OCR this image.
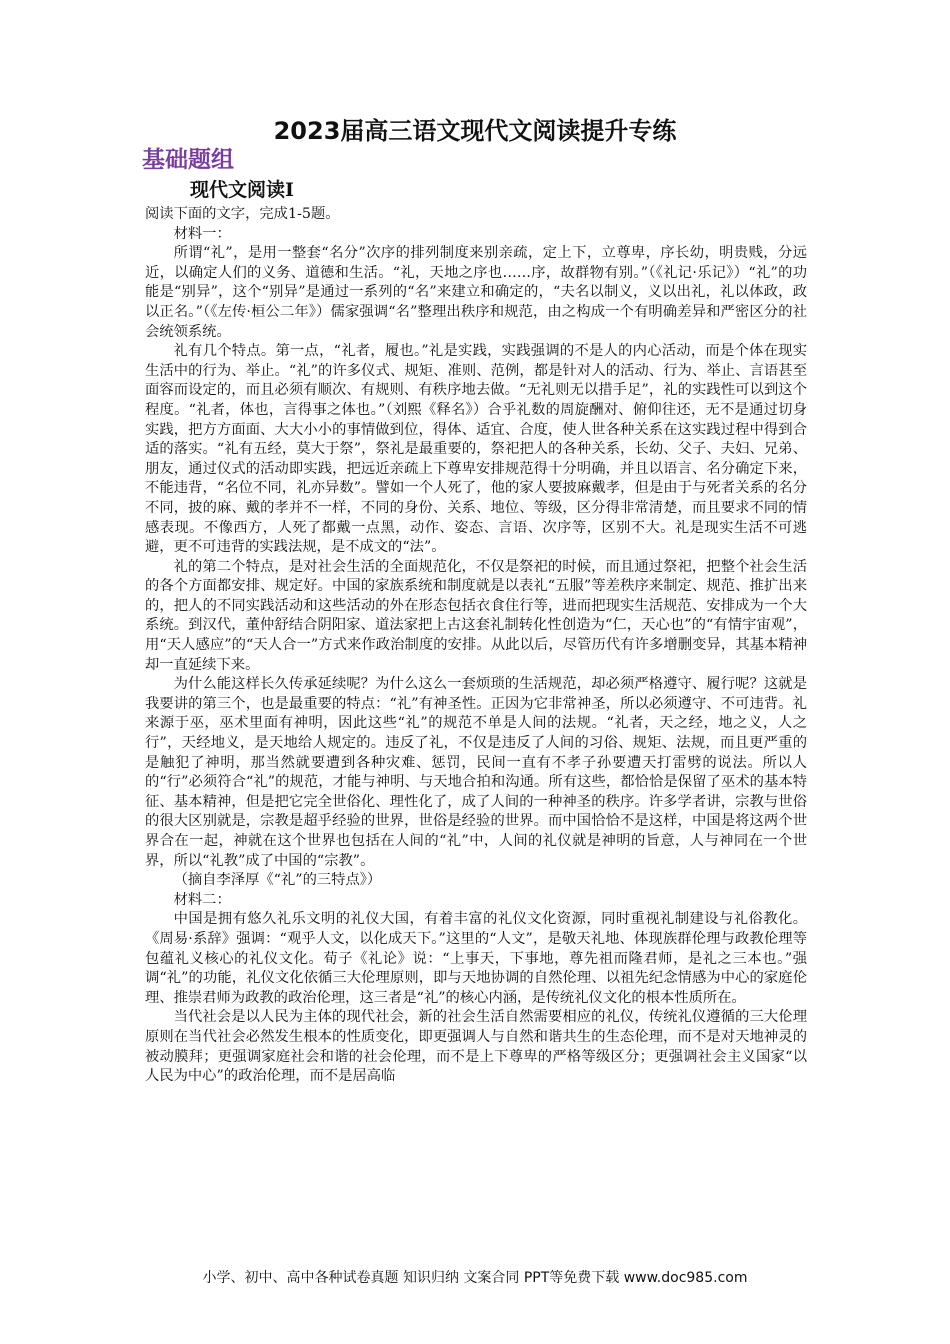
2023届高三语文现代文阅读提升专练
基础题组
现代文阅读Ⅰ

阅读下面的文字，完成1-5题。

材料一：

所谓“礼”，是用一整套“名分”次序的排列制度来别亲疏，定上下，立尊卑，序长幼，明贵贱，分远近，以确定人们的义务、道德和生活。“礼，天地之序也……序，故群物有别。”（《礼记·乐记》）“礼”的功能是“别异”，这个“别异”是通过一系列的“名”来建立和确定的，“夫名以制义，义以出礼，礼以体政，政以正名。”（《左传·桓公二年》）儒家强调“名”整理出秩序和规范，由之构成一个有明确差异和严密区分的社会统领系统。

礼有几个特点。第一点，“礼者，履也。”礼是实践，实践强调的不是人的内心活动，而是个体在现实生活中的行为、举止。“礼”的许多仪式、规矩、准则、范例，都是针对人的活动、行为、举止、言语甚至面容而设定的，而且必须有顺次、有规则、有秩序地去做。“无礼则无以措手足”，礼的实践性可以到这个程度。“礼者，体也，言得事之体也。”（刘熙《释名》）合乎礼数的周旋酬对、俯仰往还，无不是通过切身实践，把方方面面、大大小小的事情做到位，得体、适宜、合度，使人世各种关系在这实践过程中得到合适的落实。“礼有五经，莫大于祭”，祭礼是最重要的，祭祀把人的各种关系，长幼、父子、夫妇、兄弟、朋友，通过仪式的活动即实践，把远近亲疏上下尊卑安排规范得十分明确，并且以语言、名分确定下来，不能违背，“名位不同，礼亦异数”。譬如一个人死了，他的家人要披麻戴孝，但是由于与死者关系的名分不同，披的麻、戴的孝并不一样，不同的身份、关系、地位、等级，区分得非常清楚，而且要求不同的情感表现。不像西方，人死了都戴一点黑，动作、姿态、言语、次序等，区别不大。礼是现实生活不可逃避，更不可违背的实践法规，是不成文的“法”。

礼的第二个特点，是对社会生活的全面规范化，不仅是祭祀的时候，而且通过祭祀，把整个社会生活的各个方面都安排、规定好。中国的家族系统和制度就是以表礼“五服”等差秩序来制定、规范、推扩出来的，把人的不同实践活动和这些活动的外在形态包括衣食住行等，进而把现实生活规范、安排成为一个大系统。到汉代，董仲舒结合阴阳家、道法家把上古这套礼制转化性创造为“仁，天心也”的“有情宇宙观”，用“天人感应”的“天人合一”方式来作政治制度的安排。从此以后，尽管历代有许多增删变异，其基本精神却一直延续下来。

为什么能这样长久传承延续呢？为什么这么一套烦琐的生活规范，却必须严格遵守、履行呢？这就是我要讲的第三个，也是最重要的特点：“礼”有神圣性。正因为它非常神圣，所以必须遵守、不可违背。礼来源于巫，巫术里面有神明，因此这些“礼”的规范不单是人间的法规。“礼者，天之经，地之义，人之行”，天经地义，是天地给人规定的。违反了礼，不仅是违反了人间的习俗、规矩、法规，而且更严重的是触犯了神明，那当然就要遭到各种灾难、惩罚，民间一直有不孝子孙要遭天打雷劈的说法。所以人的“行”必须符合“礼”的规范，才能与神明、与天地合拍和沟通。所有这些，都恰恰是保留了巫术的基本特征、基本精神，但是把它完全世俗化、理性化了，成了人间的一种神圣的秩序。许多学者讲，宗教与世俗的很大区别就是，宗教是超乎经验的世界，世俗是经验的世界。而中国恰恰不是这样，中国是将这两个世界合在一起，神就在这个世界也包括在人间的“礼”中，人间的礼仪就是神明的旨意，人与神同在一个世界，所以“礼教”成了中国的“宗教”。

（摘自李泽厚《“礼”的三特点》）

材料二：

中国是拥有悠久礼乐文明的礼仪大国，有着丰富的礼仪文化资源，同时重视礼制建设与礼俗教化。《周易·系辞》强调：“观乎人文，以化成天下。”这里的“人文”，是敬天礼地、体现族群伦理与政教伦理等包蕴礼义核心的礼仪文化。荀子《礼论》说：“上事天，下事地，尊先祖而隆君师，是礼之三本也。”强调“礼”的功能，礼仪文化依循三大伦理原则，即与天地协调的自然伦理、以祖先纪念情感为中心的家庭伦理、推崇君师为政教的政治伦理，这三者是“礼”的核心内涵，是传统礼仪文化的根本性质所在。

当代社会是以人民为主体的现代社会，新的社会生活自然需要相应的礼仪，传统礼仪遵循的三大伦理原则在当代社会必然发生根本的性质变化，即更强调人与自然和谐共生的生态伦理，而不是对天地神灵的被动膜拜；更强调家庭社会和谐的社会伦理，而不是上下尊卑的严格等级区分；更强调社会主义国家“以人民为中心”的政治伦理，而不是居高临

小学、初中、高中各种试卷真题 知识归纳 文案合同 PPT等免费下载 www.doc985.com
